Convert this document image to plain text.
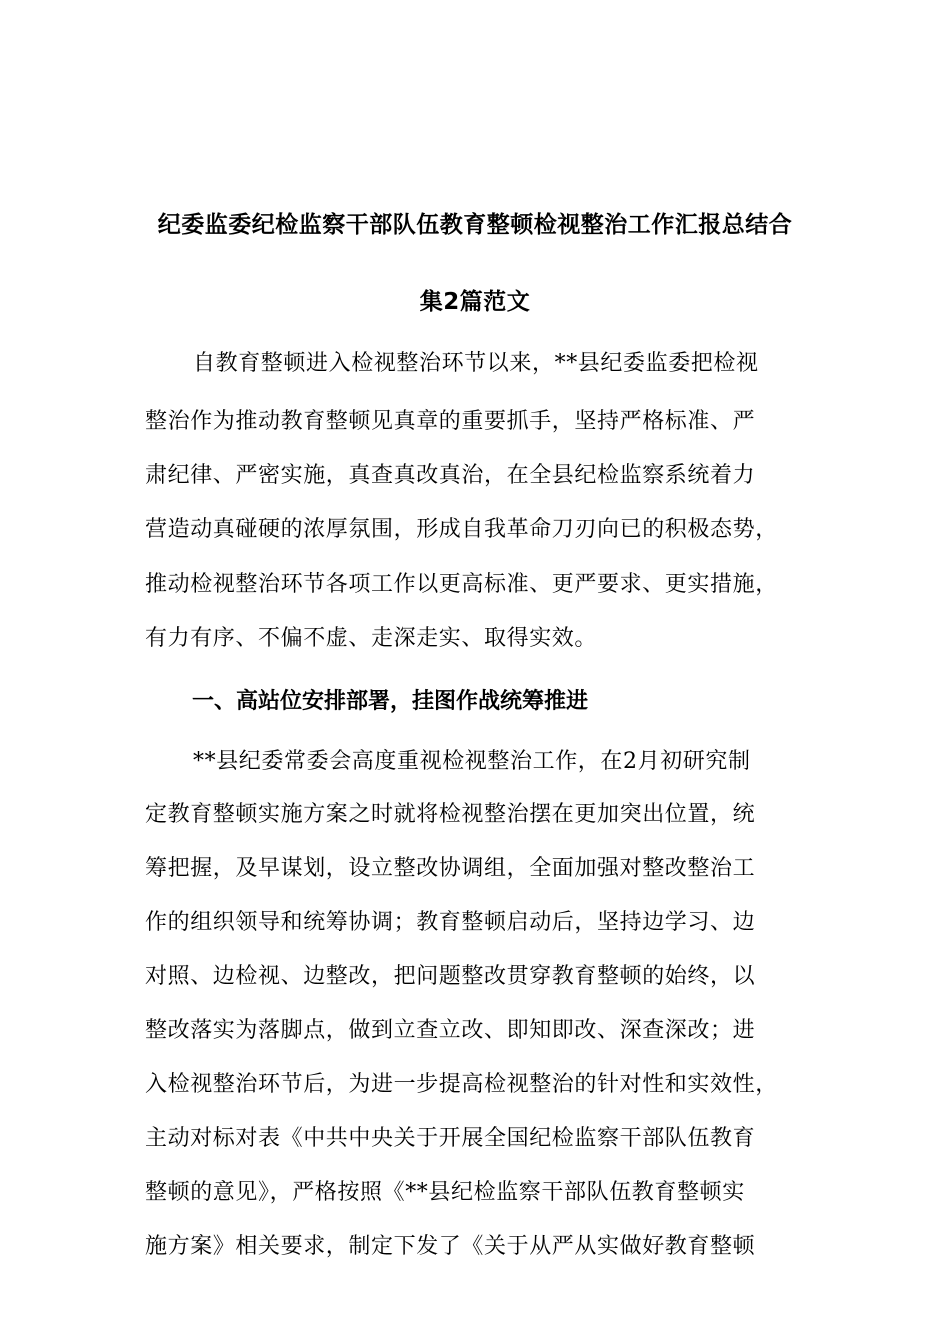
纪委监委纪检监察干部队伍教育整顿检视整治工作汇报总结合
集2篇范文
自教育整顿进入检视整治环节以来，**县纪委监委把检视
整治作为推动教育整顿见真章的重要抓手，坚持严格标准、严
肃纪律、严密实施，真查真改真治，在全县纪检监察系统着力
营造动真碰硬的浓厚氛围，形成自我革命刀刃向已的积极态势，
推动检视整治环节各项工作以更高标准、更严要求、更实措施，
有力有序、不偏不虚、走深走实、取得实效。
一、高站位安排部署，挂图作战统筹推进
**县纪委常委会高度重视检视整治工作，在2月初研究制
定教育整顿实施方案之时就将检视整治摆在更加突出位置，统
筹把握，及早谋划，设立整改协调组，全面加强对整改整治工
作的组织领导和统筹协调；教育整顿启动后，坚持边学习、边
对照、边检视、边整改，把问题整改贯穿教育整顿的始终，以
整改落实为落脚点，做到立查立改、即知即改、深查深改；进
入检视整治环节后，为进一步提高检视整治的针对性和实效性，
主动对标对表《中共中央关于开展全国纪检监察干部队伍教育
整顿的意见》，严格按照《**县纪检监察干部队伍教育整顿实
施方案》相关要求，制定下发了《关于从严从实做好教育整顿
